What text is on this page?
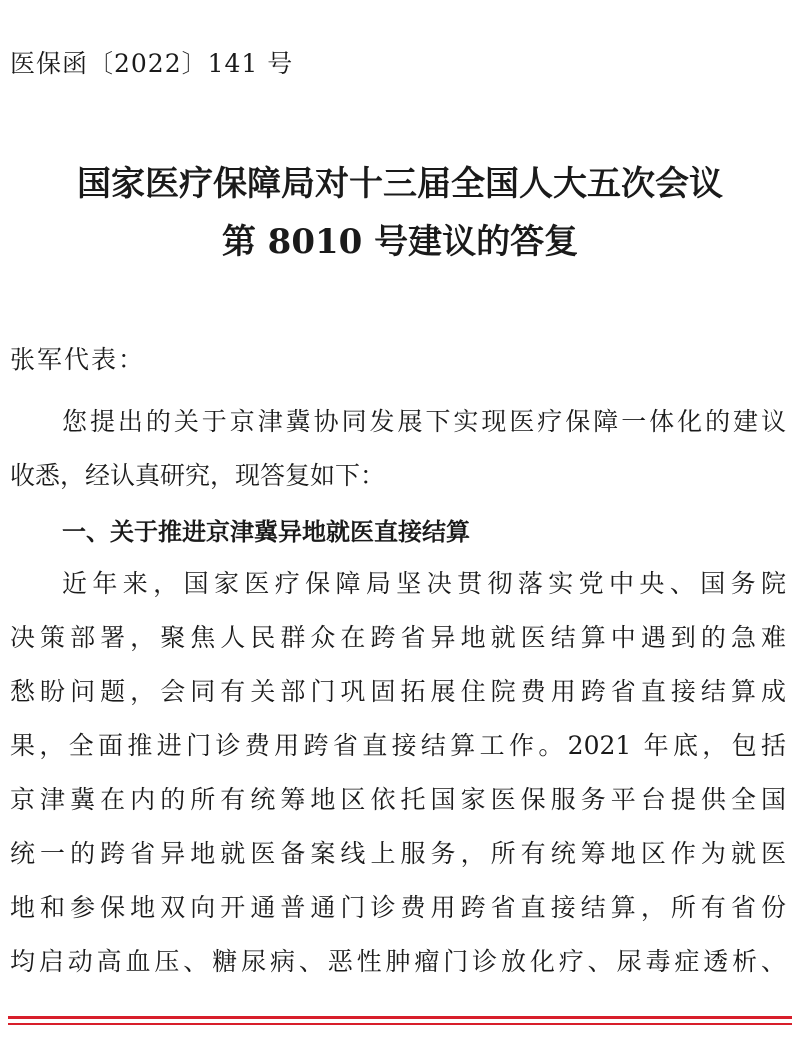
医保函〔2022〕141 号
国家医疗保障局对十三届全国人大五次会议
第 8010 号建议的答复
张军代表：
您提出的关于京津冀协同发展下实现医疗保障一体化的建议
收悉，经认真研究，现答复如下：
一、关于推进京津冀异地就医直接结算
近年来，国家医疗保障局坚决贯彻落实党中央、国务院
决策部署，聚焦人民群众在跨省异地就医结算中遇到的急难
愁盼问题，会同有关部门巩固拓展住院费用跨省直接结算成
果，全面推进门诊费用跨省直接结算工作。2021 年底，包括
京津冀在内的所有统筹地区依托国家医保服务平台提供全国
统一的跨省异地就医备案线上服务，所有统筹地区作为就医
地和参保地双向开通普通门诊费用跨省直接结算，所有省份
均启动高血压、糖尿病、恶性肿瘤门诊放化疗、尿毒症透析、
